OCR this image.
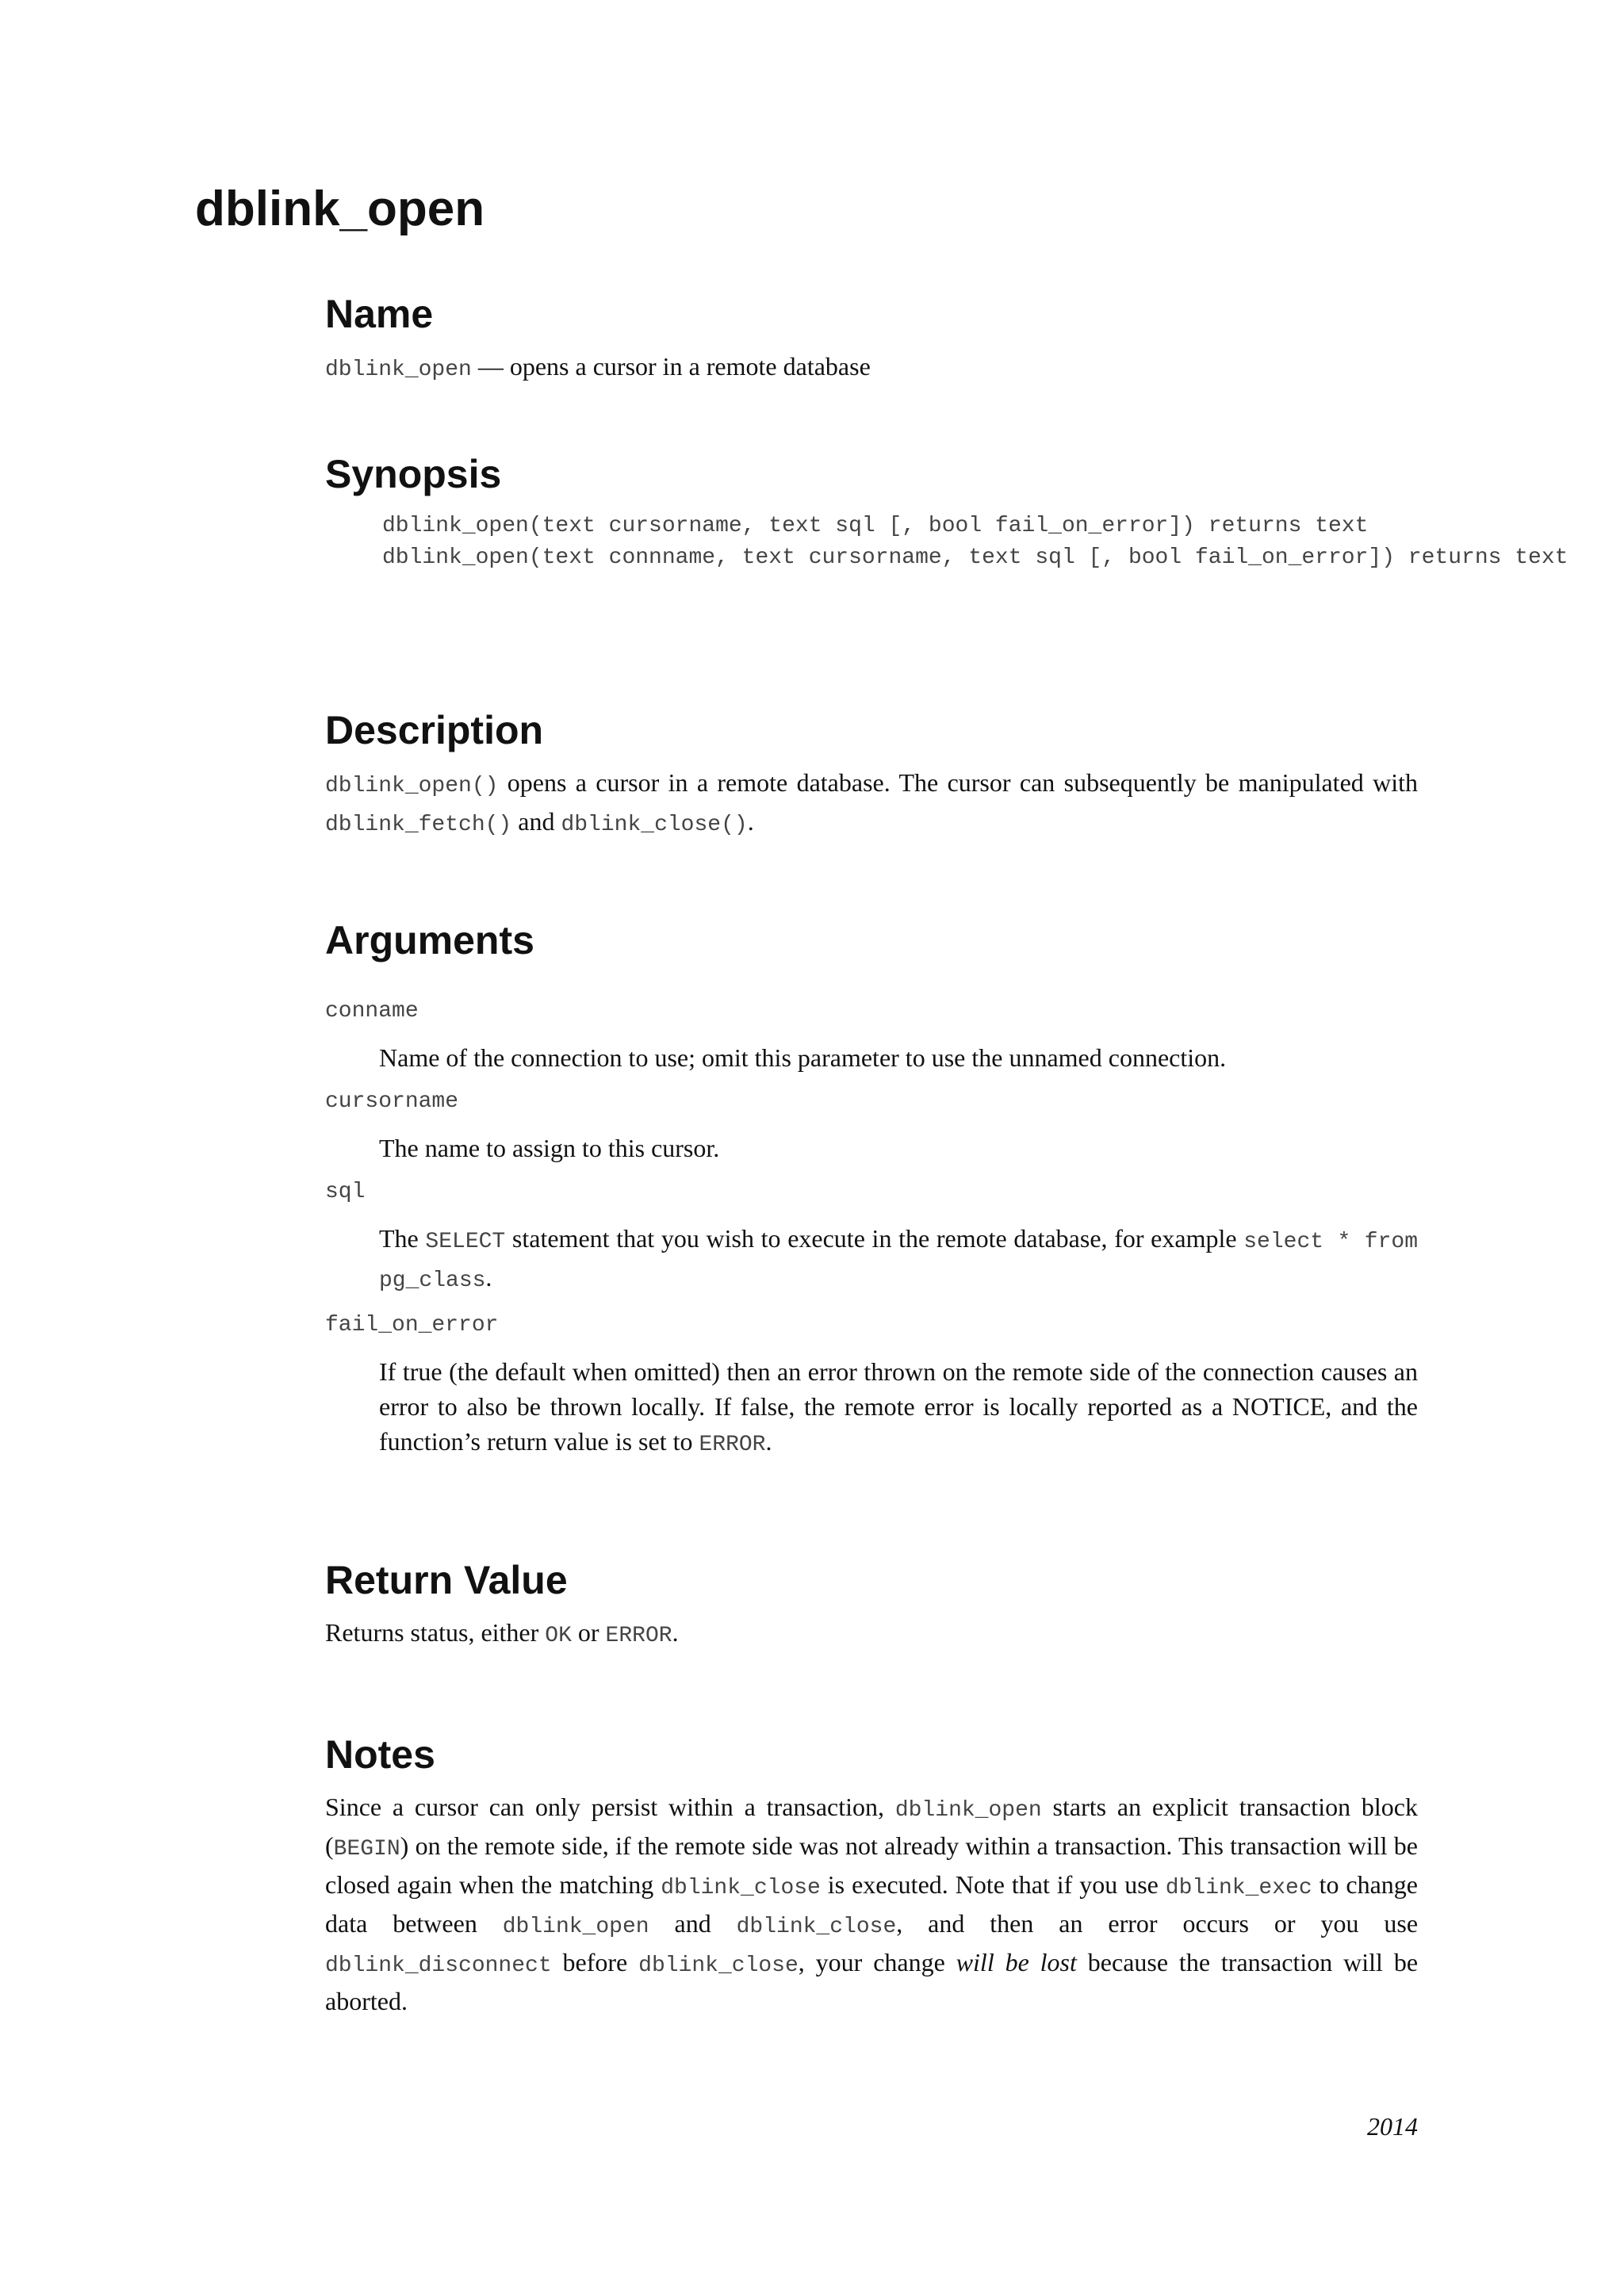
dblink_open
Name

dblink_open — opens a cursor in a remote database

Synopsis
dblink_open(text cursorname, text sql [, bool fail_on_error]) returns text
dblink_open(text connname, text cursorname, text sql [, bool fail_on_error]) returns text
Description

dblink_open() opens a cursor in a remote database. The cursor can subsequently be manipulated with dblink_fetch() and dblink_close().

Arguments
conname
Name of the connection to use; omit this parameter to use the unnamed connection.
cursorname
The name to assign to this cursor.
sql
The SELECT statement that you wish to execute in the remote database, for example select * from pg_class.
fail_on_error
If true (the default when omitted) then an error thrown on the remote side of the connection causes an error to also be thrown locally. If false, the remote error is locally reported as a NOTICE, and the function’s return value is set to ERROR.
Return Value

Returns status, either OK or ERROR.

Notes

Since a cursor can only persist within a transaction, dblink_open starts an explicit transaction block (BEGIN) on the remote side, if the remote side was not already within a transaction. This transaction will be closed again when the matching dblink_close is executed. Note that if you use dblink_exec to change data between dblink_open and dblink_close, and then an error occurs or you use dblink_disconnect before dblink_close, your change will be lost because the transaction will be aborted.

2014
